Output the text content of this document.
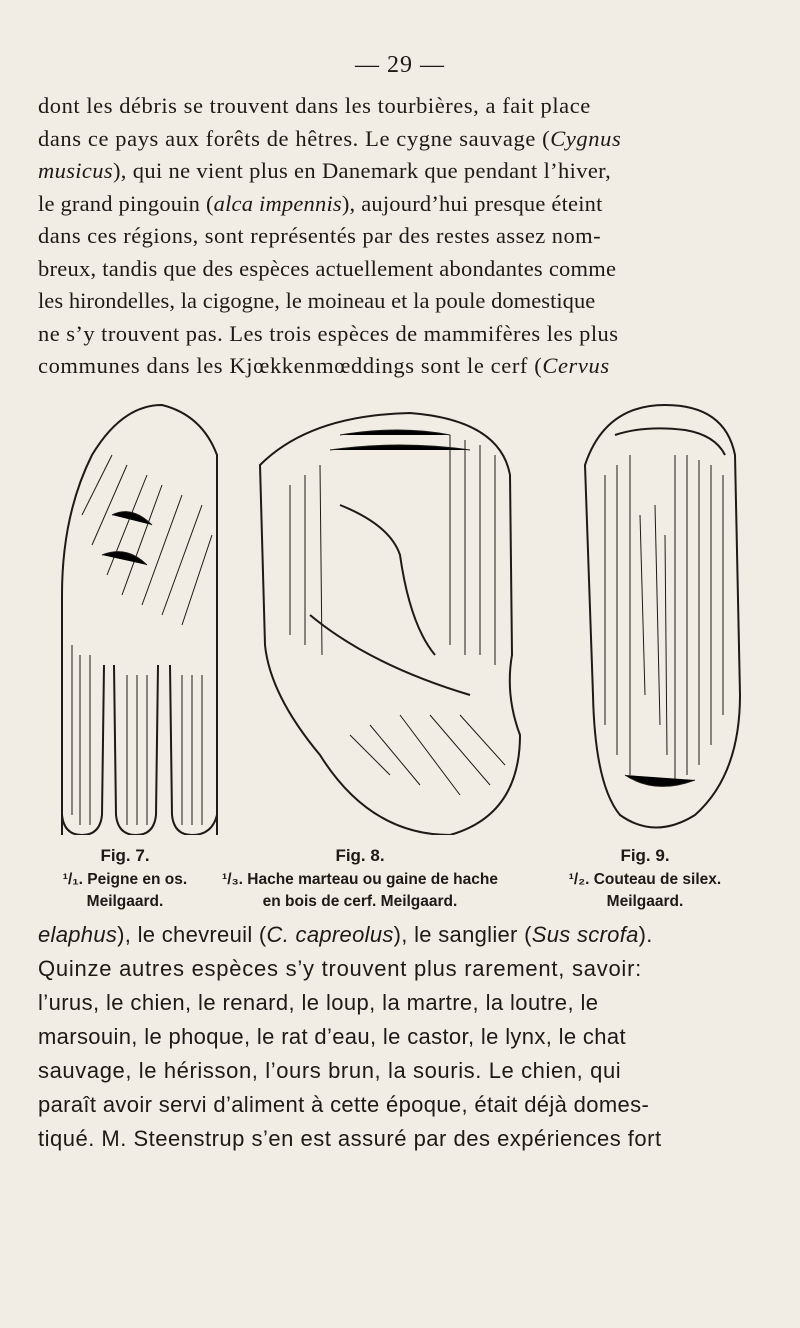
— 29 —
dont les débris se trouvent dans les tourbières, a fait place
dans ce pays aux forêts de hêtres. Le cygne sauvage (Cygnus
musicus), qui ne vient plus en Danemark que pendant l’hiver,
le grand pingouin (alca impennis), aujourd’hui presque éteint
dans ces régions, sont représentés par des restes assez nom-
breux, tandis que des espèces actuellement abondantes comme
les hirondelles, la cigogne, le moineau et la poule domestique
ne s’y trouvent pas. Les trois espèces de mammifères les plus
communes dans les Kjœkkenmœddings sont le cerf (Cervus
Fig. 7.
¹/₁. Peigne en os.
Meilgaard.
Fig. 8.
¹/₃. Hache marteau ou gaine de hache
en bois de cerf. Meilgaard.
Fig. 9.
¹/₂. Couteau de silex.
Meilgaard.
elaphus), le chevreuil (C. capreolus), le sanglier (Sus scrofa).
Quinze autres espèces s’y trouvent plus rarement, savoir:
l’urus, le chien, le renard, le loup, la martre, la loutre, le
marsouin, le phoque, le rat d’eau, le castor, le lynx, le chat
sauvage, le hérisson, l’ours brun, la souris. Le chien, qui
paraît avoir servi d’aliment à cette époque, était déjà domes-
tiqué. M. Steenstrup s’en est assuré par des expériences fort
